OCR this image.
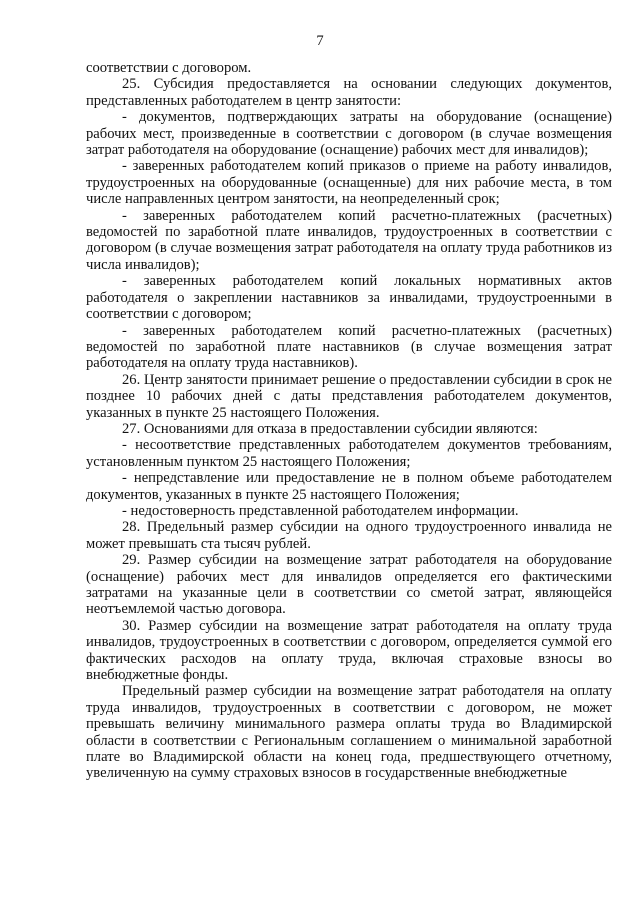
7

соответствии с договором.

25. Субсидия предоставляется на основании следующих документов, представленных работодателем в центр занятости:

- документов, подтверждающих затраты на оборудование (оснащение) рабочих мест, произведенные в соответствии с договором (в случае возмещения затрат работодателя на оборудование (оснащение) рабочих мест для инвалидов);

- заверенных работодателем копий приказов о приеме на работу инвалидов, трудоустроенных на оборудованные (оснащенные) для них рабочие места, в том числе направленных центром занятости, на неопределенный срок;

- заверенных работодателем копий расчетно-платежных (расчетных) ведомостей по заработной плате инвалидов, трудоустроенных в соответствии с договором (в случае возмещения затрат работодателя на оплату труда работников из числа инвалидов);

- заверенных работодателем копий локальных нормативных актов работодателя о закреплении наставников за инвалидами, трудоустроенными в соответствии с договором;

- заверенных работодателем копий расчетно-платежных (расчетных) ведомостей по заработной плате наставников (в случае возмещения затрат работодателя на оплату труда наставников).

26. Центр занятости принимает решение о предоставлении субсидии в срок не позднее 10 рабочих дней с даты представления работодателем документов, указанных в пункте 25 настоящего Положения.

27. Основаниями для отказа в предоставлении субсидии являются:

- несоответствие представленных работодателем документов требованиям, установленным пунктом 25 настоящего Положения;

- непредставление или предоставление не в полном объеме работодателем документов, указанных в пункте 25 настоящего Положения;

- недостоверность представленной работодателем информации.

28. Предельный размер субсидии на одного трудоустроенного инвалида не может превышать ста тысяч рублей.

29. Размер субсидии на возмещение затрат работодателя на оборудование (оснащение) рабочих мест для инвалидов определяется его фактическими затратами на указанные цели в соответствии со сметой затрат, являющейся неотъемлемой частью договора.

30. Размер субсидии на возмещение затрат работодателя на оплату труда инвалидов, трудоустроенных в соответствии с договором, определяется суммой его фактических расходов на оплату труда, включая страховые взносы во внебюджетные фонды.

Предельный размер субсидии на возмещение затрат работодателя на оплату труда инвалидов, трудоустроенных в соответствии с договором, не может превышать величину минимального размера оплаты труда во Владимирской области в соответствии с Региональным соглашением о минимальной заработной плате во Владимирской области на конец года, предшествующего отчетному, увеличенную на сумму страховых взносов в государственные внебюджетные
